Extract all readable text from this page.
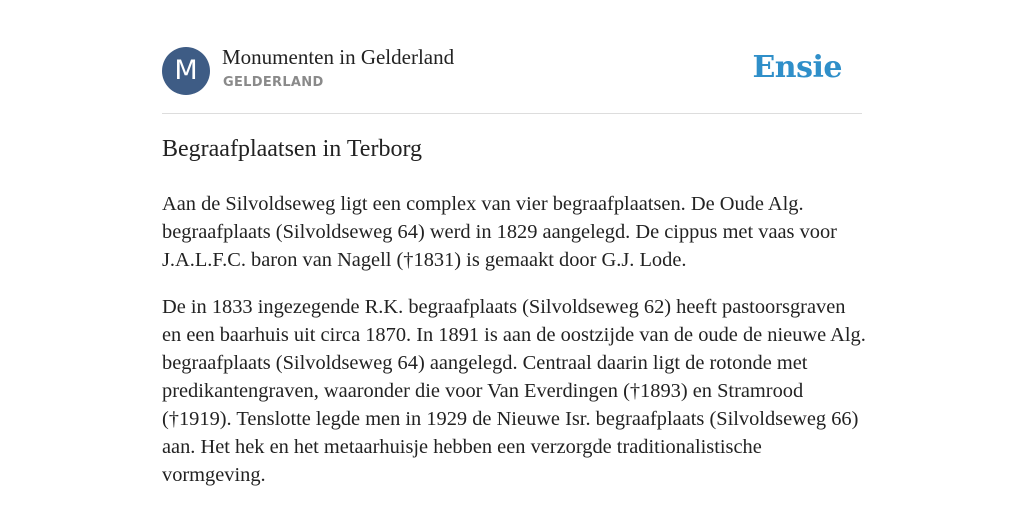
M	Monumenten in Gelderland
GELDERLAND	Ensie
Begraafplaatsen in Terborg

Aan de Silvoldseweg ligt een complex van vier begraafplaatsen. De Oude Alg. begraafplaats (Silvoldseweg 64) werd in 1829 aangelegd. De cippus met vaas voor J.A.L.F.C. baron van Nagell (†1831) is gemaakt door G.J. Lode.

De in 1833 ingezegende R.K. begraafplaats (Silvoldseweg 62) heeft pastoorsgraven en een baarhuis uit circa 1870. In 1891 is aan de oostzijde van de oude de nieuwe Alg. begraafplaats (Silvoldseweg 64) aangelegd. Centraal daarin ligt de rotonde met predikantengraven, waaronder die voor Van Everdingen (†1893) en Stramrood (†1919). Tenslotte legde men in 1929 de Nieuwe Isr. begraafplaats (Silvoldseweg 66) aan. Het hek en het metaarhuisje hebben een verzorgde traditionalistische vormgeving.
